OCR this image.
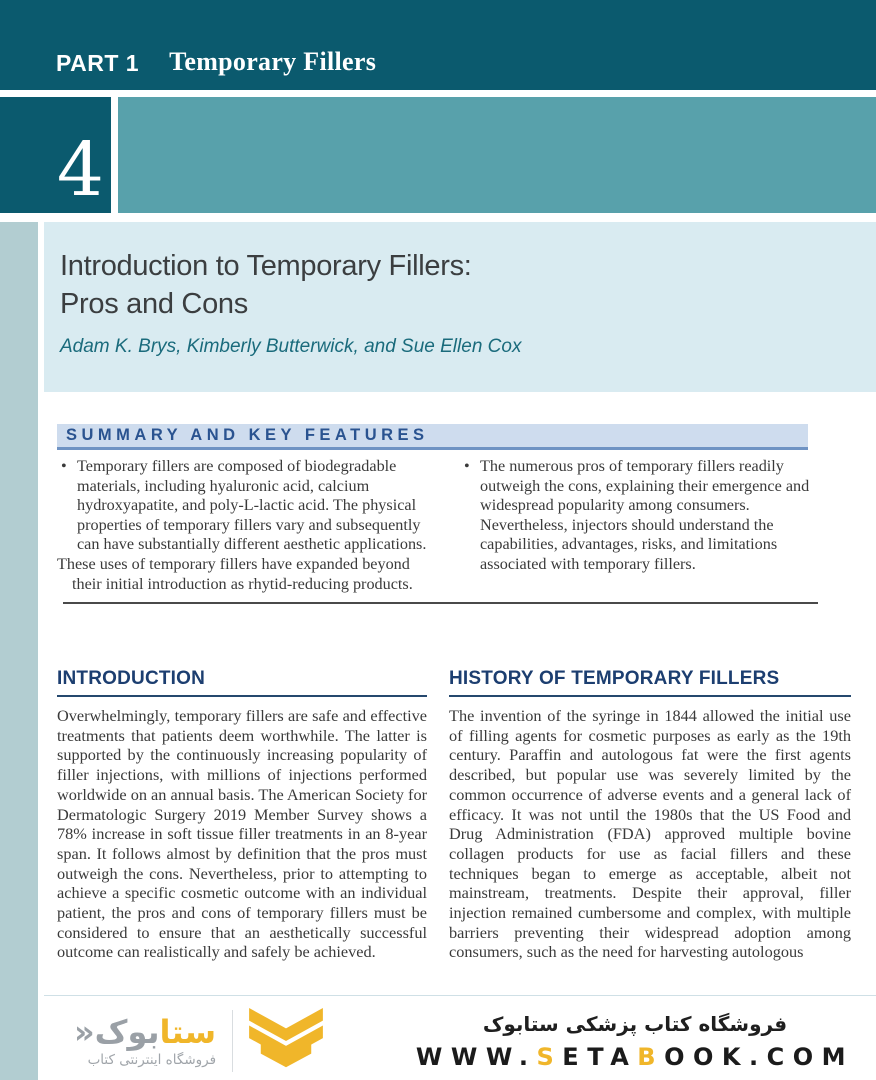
PART 1 Temporary Fillers
4
Introduction to Temporary Fillers:
Pros and Cons
Adam K. Brys, Kimberly Butterwick, and Sue Ellen Cox
SUMMARY AND KEY FEATURES
• Temporary fillers are composed of biodegradable materials, including hyaluronic acid, calcium hydroxyapatite, and poly-L-lactic acid. The physical properties of temporary fillers vary and subsequently can have substantially different aesthetic applications.
These uses of temporary fillers have expanded beyond their initial introduction as rhytid-reducing products.
• The numerous pros of temporary fillers readily outweigh the cons, explaining their emergence and widespread popularity among consumers. Nevertheless, injectors should understand the capabilities, advantages, risks, and limitations associated with temporary fillers.
INTRODUCTION

Overwhelmingly, temporary fillers are safe and effective treatments that patients deem worthwhile. The latter is supported by the continuously increasing popularity of filler injections, with millions of injections performed worldwide on an annual basis. The American Society for Dermatologic Surgery 2019 Member Survey shows a 78% increase in soft tissue filler treatments in an 8-year span. It follows almost by definition that the pros must outweigh the cons. Nevertheless, prior to attempting to achieve a specific cosmetic outcome with an individual patient, the pros and cons of temporary fillers must be considered to ensure that an aesthetically successful outcome can realistically and safely be achieved.

HISTORY OF TEMPORARY FILLERS

The invention of the syringe in 1844 allowed the initial use of filling agents for cosmetic purposes as early as the 19th century. Paraffin and autologous fat were the first agents described, but popular use was severely limited by the common occurrence of adverse events and a general lack of efficacy. It was not until the 1980s that the US Food and Drug Administration (FDA) approved multiple bovine collagen products for use as facial fillers and these techniques began to emerge as acceptable, albeit not mainstream, treatments. Despite their approval, filler injection remained cumbersome and complex, with multiple barriers preventing their widespread adoption among consumers, such as the need for harvesting autologous

ستابوک«
فروشگاه اینترنتی کتاب
فروشگاه کتاب پزشکی ستابوک
WWW.SETABOOK.COM
